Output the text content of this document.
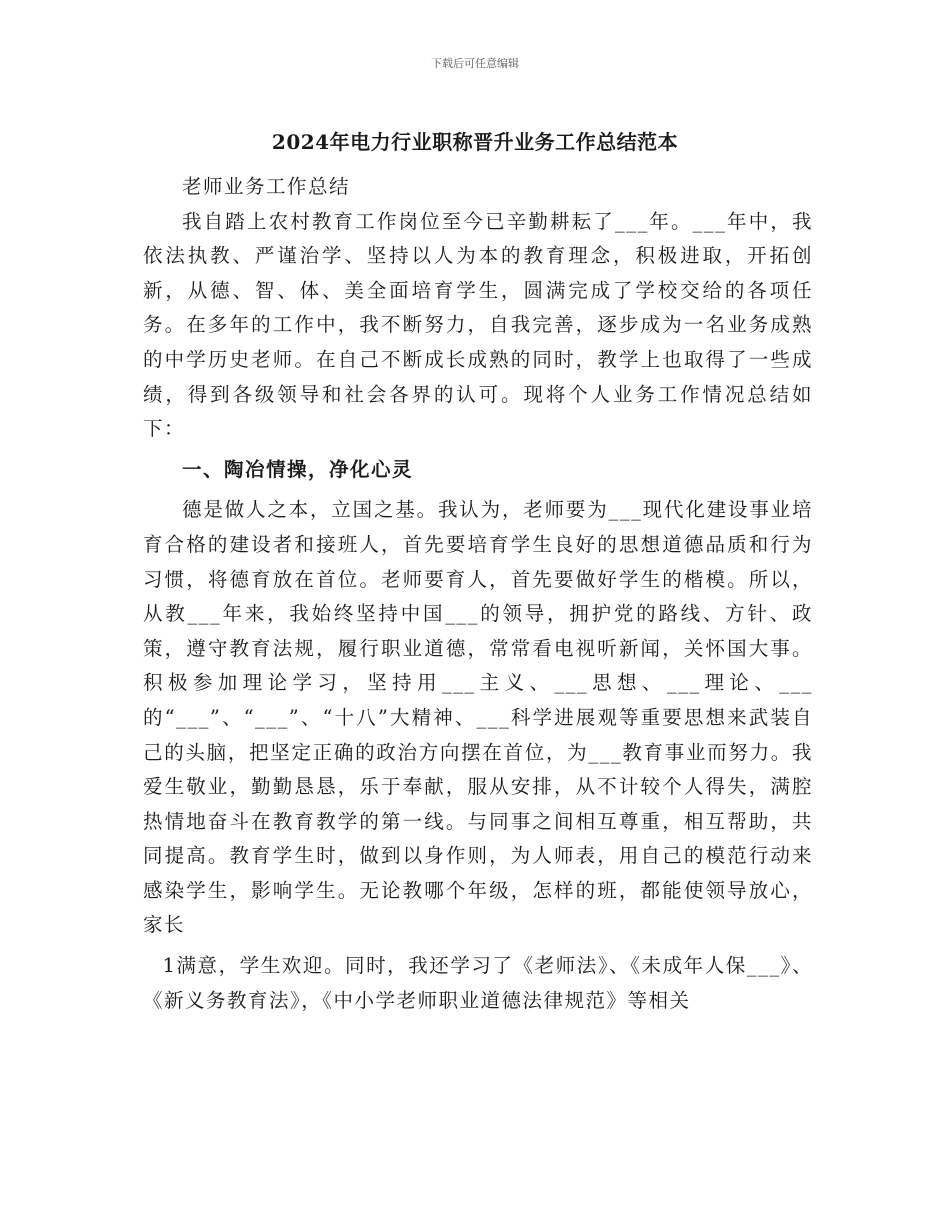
下载后可任意编辑
2024年电力行业职称晋升业务工作总结范本

老师业务工作总结

我自踏上农村教育工作岗位至今已辛勤耕耘了___年。___年中，我依法执教、严谨治学、坚持以人为本的教育理念，积极进取，开拓创新，从德、智、体、美全面培育学生，圆满完成了学校交给的各项任务。在多年的工作中，我不断努力，自我完善，逐步成为一名业务成熟的中学历史老师。在自己不断成长成熟的同时，教学上也取得了一些成绩，得到各级领导和社会各界的认可。现将个人业务工作情况总结如下：

一、陶冶情操，净化心灵

德是做人之本，立国之基。我认为，老师要为___现代化建设事业培育合格的建设者和接班人，首先要培育学生良好的思想道德品质和行为习惯，将德育放在首位。老师要育人，首先要做好学生的楷模。所以，从教___年来，我始终坚持中国___的领导，拥护党的路线、方针、政策，遵守教育法规，履行职业道德，常常看电视听新闻，关怀国大事。积极参加理论学习，坚持用___主义、___思想、___理论、___的“___”、“___”、“十八”大精神、___科学进展观等重要思想来武装自己的头脑，把坚定正确的政治方向摆在首位，为___教育事业而努力。我爱生敬业，勤勤恳恳，乐于奉献，服从安排，从不计较个人得失，满腔热情地奋斗在教育教学的第一线。与同事之间相互尊重，相互帮助，共同提高。教育学生时，做到以身作则，为人师表，用自己的模范行动来感染学生，影响学生。无论教哪个年级，怎样的班，都能使领导放心，家长

1满意，学生欢迎。同时，我还学习了《老师法》、《未成年人保___》、《新义务教育法》，《中小学老师职业道德法律规范》等相关
